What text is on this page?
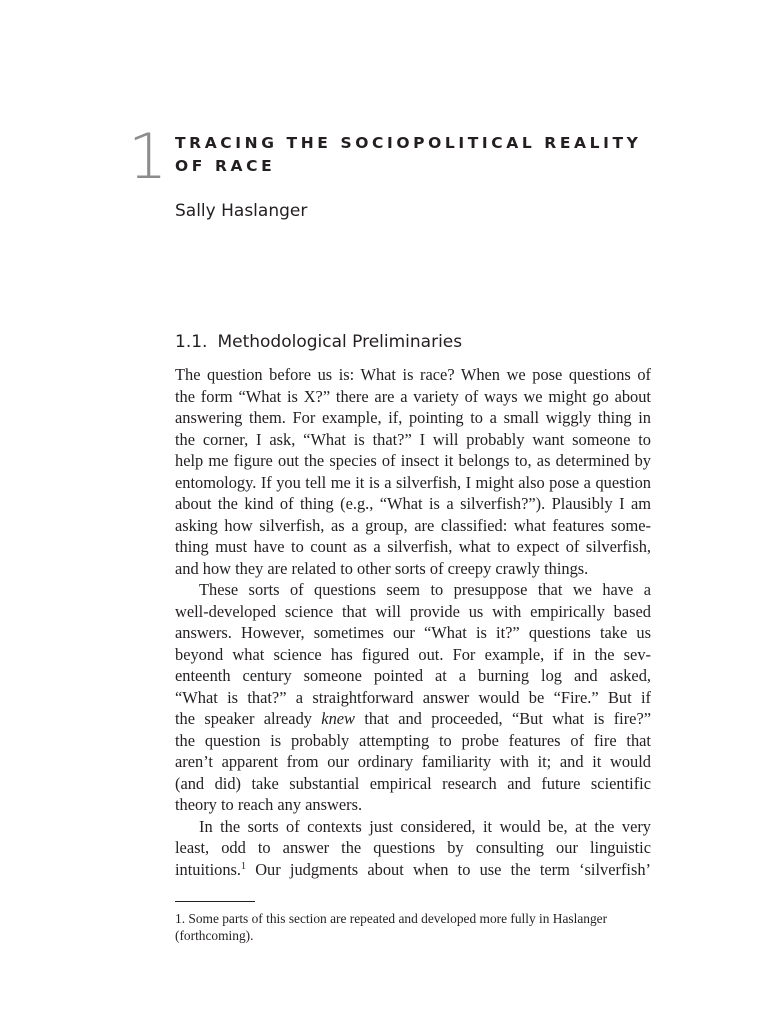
1 TRACING THE SOCIOPOLITICAL REALITY
OF RACE
Sally Haslanger
1.1. Methodological Preliminaries
The question before us is: What is race? When we pose questions of
the form “What is X?” there are a variety of ways we might go about
answering them. For example, if, pointing to a small wiggly thing in
the corner, I ask, “What is that?” I will probably want someone to
help me figure out the species of insect it belongs to, as determined by
entomology. If you tell me it is a silverfish, I might also pose a question
about the kind of thing (e.g., “What is a silverfish?”). Plausibly I am
asking how silverfish, as a group, are classified: what features some-
thing must have to count as a silverfish, what to expect of silverfish,
and how they are related to other sorts of creepy crawly things.
These sorts of questions seem to presuppose that we have a
well-developed science that will provide us with empirically based
answers. However, sometimes our “What is it?” questions take us
beyond what science has figured out. For example, if in the sev-
enteenth century someone pointed at a burning log and asked,
“What is that?” a straightforward answer would be “Fire.” But if
the speaker already knew that and proceeded, “But what is fire?”
the question is probably attempting to probe features of fire that
aren’t apparent from our ordinary familiarity with it; and it would
(and did) take substantial empirical research and future scientific
theory to reach any answers.
In the sorts of contexts just considered, it would be, at the very
least, odd to answer the questions by consulting our linguistic
intuitions.$^1$ Our judgments about when to use the term ‘silverfish’
1. Some parts of this section are repeated and developed more fully in Haslanger
(forthcoming).
